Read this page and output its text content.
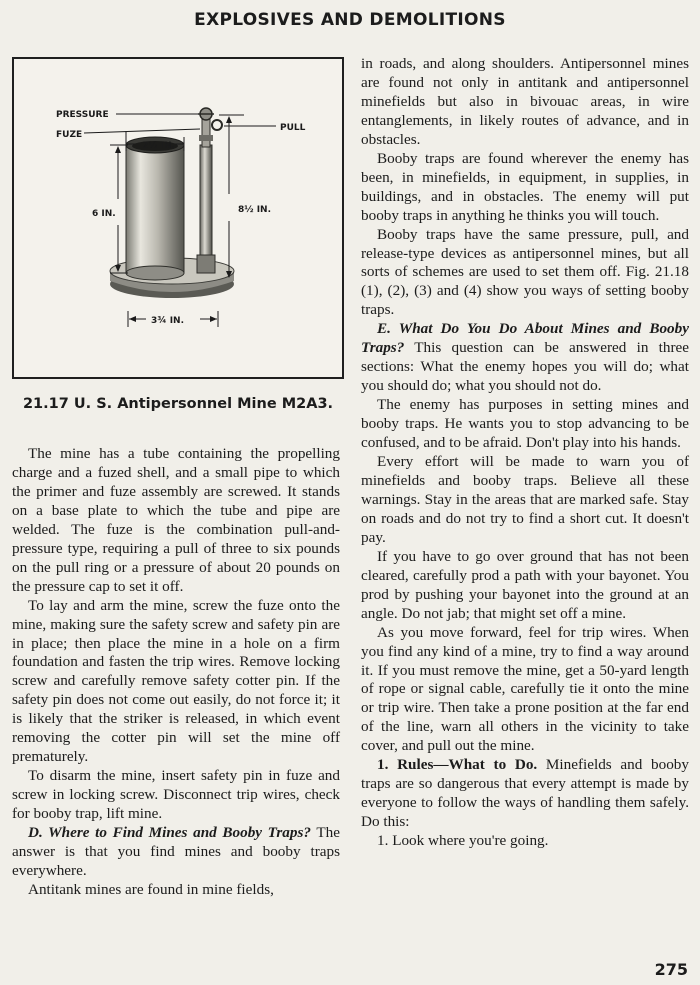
EXPLOSIVES AND DEMOLITIONS
PRESSURE
FUZE
PULL
2½ IN.
6 IN.	8½ IN.
3¾ IN.
21.17 U. S. Antipersonnel Mine M2A3.

The mine has a tube containing the propelling charge and a fuzed shell, and a small pipe to which the primer and fuze assembly are screwed. It stands on a base plate to which the tube and pipe are welded. The fuze is the combination pull-and-pressure type, requiring a pull of three to six pounds on the pull ring or a pressure of about 20 pounds on the pressure cap to set it off.

To lay and arm the mine, screw the fuze onto the mine, making sure the safety screw and safety pin are in place; then place the mine in a hole on a firm foundation and fasten the trip wires. Remove locking screw and carefully remove safety cotter pin. If the safety pin does not come out easily, do not force it; it is likely that the striker is released, in which event removing the cotter pin will set the mine off prematurely.

To disarm the mine, insert safety pin in fuze and screw in locking screw. Disconnect trip wires, check for booby trap, lift mine.

D. Where to Find Mines and Booby Traps? The answer is that you find mines and booby traps everywhere.

Antitank mines are found in mine fields,

in roads, and along shoulders. Antipersonnel mines are found not only in antitank and antipersonnel minefields but also in bivouac areas, in wire entanglements, in likely routes of advance, and in obstacles.

Booby traps are found wherever the enemy has been, in minefields, in equipment, in supplies, in buildings, and in obstacles. The enemy will put booby traps in anything he thinks you will touch.

Booby traps have the same pressure, pull, and release-type devices as antipersonnel mines, but all sorts of schemes are used to set them off. Fig. 21.18 (1), (2), (3) and (4) show you ways of setting booby traps.

E. What Do You Do About Mines and Booby Traps? This question can be answered in three sections: What the enemy hopes you will do; what you should do; what you should not do.

The enemy has purposes in setting mines and booby traps. He wants you to stop advancing to be confused, and to be afraid. Don't play into his hands.

Every effort will be made to warn you of minefields and booby traps. Believe all these warnings. Stay in the areas that are marked safe. Stay on roads and do not try to find a short cut. It doesn't pay.

If you have to go over ground that has not been cleared, carefully prod a path with your bayonet. You prod by pushing your bayonet into the ground at an angle. Do not jab; that might set off a mine.

As you move forward, feel for trip wires. When you find any kind of a mine, try to find a way around it. If you must remove the mine, get a 50-yard length of rope or signal cable, carefully tie it onto the mine or trip wire. Then take a prone position at the far end of the line, warn all others in the vicinity to take cover, and pull out the mine.

1. Rules—What to Do. Minefields and booby traps are so dangerous that every attempt is made by everyone to follow the ways of handling them safely. Do this:

1. Look where you're going.

275
